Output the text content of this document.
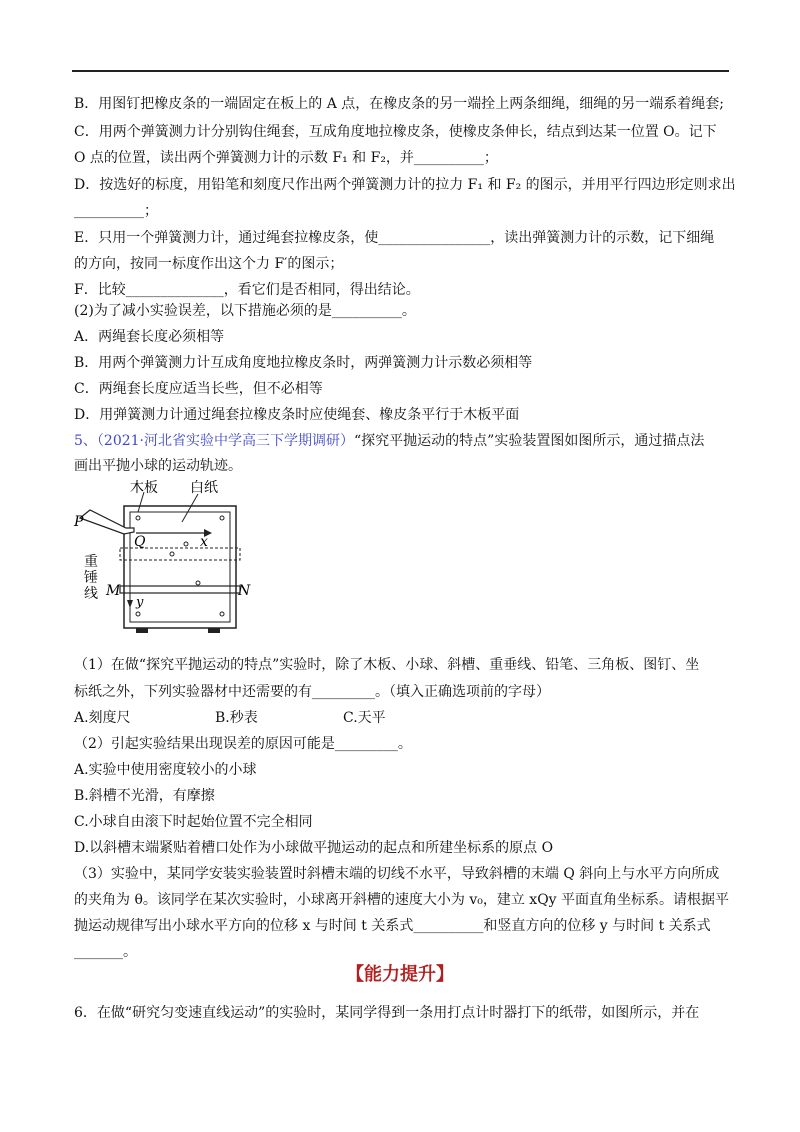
B．用图钉把橡皮条的一端固定在板上的 A 点，在橡皮条的另一端拴上两条细绳，细绳的另一端系着绳套;
C．用两个弹簧测力计分别钩住绳套，互成角度地拉橡皮条，使橡皮条伸长，结点到达某一位置 O。记下
O 点的位置，读出两个弹簧测力计的示数 F₁ 和 F₂，并__________；
D．按选好的标度，用铅笔和刻度尺作出两个弹簧测力计的拉力 F₁ 和 F₂ 的图示，并用平行四边形定则求出
__________；
E．只用一个弹簧测力计，通过绳套拉橡皮条，使________________，读出弹簧测力计的示数，记下细绳
的方向，按同一标度作出这个力 F′的图示；
F．比较______________，看它们是否相同，得出结论。
(2)为了减小实验误差，以下措施必须的是__________。
A．两绳套长度必须相等
B．用两个弹簧测力计互成角度地拉橡皮条时，两弹簧测力计示数必须相等
C．两绳套长度应适当长些，但不必相等
D．用弹簧测力计通过绳套拉橡皮条时应使绳套、橡皮条平行于木板平面
5、（2021·河北省实验中学高三下学期调研）“探究平抛运动的特点”实验装置图如图所示，通过描点法
画出平抛小球的运动轨迹。
木板 白纸
P
Q	x
重
锤
线 M	N
y
（1）在做“探究平抛运动的特点”实验时，除了木板、小球、斜槽、重垂线、铅笔、三角板、图钉、坐
标纸之外，下列实验器材中还需要的有_________。（填入正确选项前的字母）
A.刻度尺	B.秒表	C.天平
（2）引起实验结果出现误差的原因可能是_________。
A.实验中使用密度较小的小球
B.斜槽不光滑，有摩擦
C.小球自由滚下时起始位置不完全相同
D.以斜槽末端紧贴着槽口处作为小球做平抛运动的起点和所建坐标系的原点 O
（3）实验中，某同学安装实验装置时斜槽末端的切线不水平，导致斜槽的末端 Q 斜向上与水平方向所成
的夹角为 θ。该同学在某次实验时，小球离开斜槽的速度大小为 v₀，建立 xQy 平面直角坐标系。请根据平
抛运动规律写出小球水平方向的位移 x 与时间 t 关系式__________和竖直方向的位移 y 与时间 t 关系式
_______。
【能力提升】
6．在做“研究匀变速直线运动”的实验时，某同学得到一条用打点计时器打下的纸带，如图所示，并在
